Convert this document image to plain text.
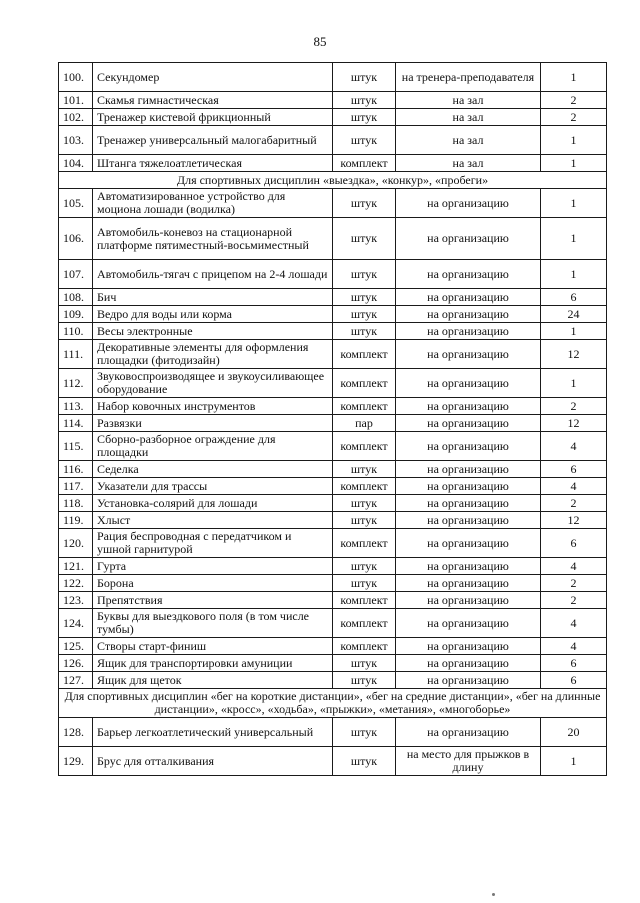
85
100.	Секундомер	штук	на тренера-преподавателя	1
101.	Скамья гимнастическая	штук	на зал	2
102.	Тренажер кистевой фрикционный	штук	на зал	2
103.	Тренажер универсальный малогабаритный	штук	на зал	1
104.	Штанга тяжелоатлетическая	комплект	на зал	1
Для спортивных дисциплин «выездка», «конкур», «пробеги»				
105.	Автоматизированное устройство для моциона лошади (водилка)	штук	на организацию	1
106.	Автомобиль-коневоз на стационарной платформе пятиместный-восьмиместный	штук	на организацию	1
107.	Автомобиль-тягач с прицепом на 2-4 лошади	штук	на организацию	1
108.	Бич	штук	на организацию	6
109.	Ведро для воды или корма	штук	на организацию	24
110.	Весы электронные	штук	на организацию	1
111.	Декоративные элементы для оформления площадки (фитодизайн)	комплект	на организацию	12
112.	Звуковоспроизводящее и звукоусиливающее оборудование	комплект	на организацию	1
113.	Набор ковочных инструментов	комплект	на организацию	2
114.	Развязки	пар	на организацию	12
115.	Сборно-разборное ограждение для площадки	комплект	на организацию	4
116.	Седелка	штук	на организацию	6
117.	Указатели для трассы	комплект	на организацию	4
118.	Установка-солярий для лошади	штук	на организацию	2
119.	Хлыст	штук	на организацию	12
120.	Рация беспроводная с передатчиком и ушной гарнитурой	комплект	на организацию	6
121.	Гурта	штук	на организацию	4
122.	Борона	штук	на организацию	2
123.	Препятствия	комплект	на организацию	2
124.	Буквы для выездкового поля (в том числе тумбы)	комплект	на организацию	4
125.	Створы старт-финиш	комплект	на организацию	4
126.	Ящик для транспортировки амуниции	штук	на организацию	6
127.	Ящик для щеток	штук	на организацию	6
Для спортивных дисциплин «бег на короткие дистанции», «бег на средние дистанции», «бег на длинные дистанции», «кросс», «ходьба», «прыжки», «метания», «многоборье»				
128.	Барьер легкоатлетический универсальный	штук	на организацию	20
129.	Брус для отталкивания	штук	на место для прыжков в длину	1
